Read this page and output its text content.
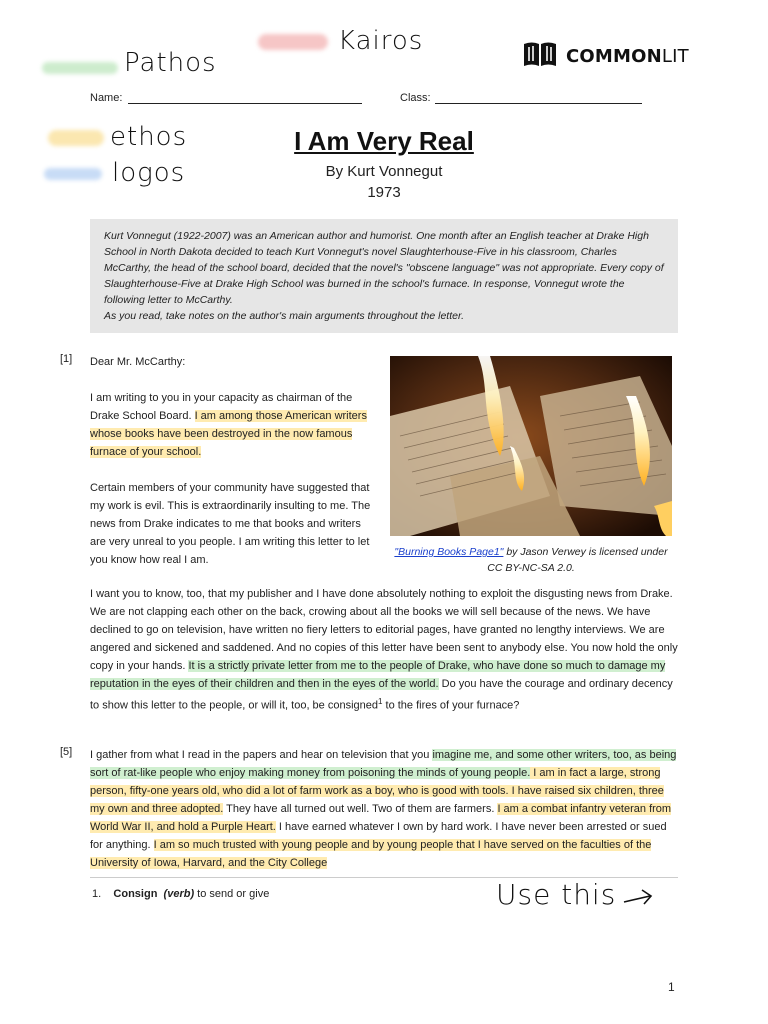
Pathos
Kairos
ethos
logos
COMMONLIT
Name:	Class:
I Am Very Real
By Kurt Vonnegut
1973

Kurt Vonnegut (1922-2007) was an American author and humorist. One month after an English teacher at Drake High School in North Dakota decided to teach Kurt Vonnegut's novel Slaughterhouse-Five in his classroom, Charles McCarthy, the head of the school board, decided that the novel's "obscene language" was not appropriate. Every copy of Slaughterhouse-Five at Drake High School was burned in the school's furnace. In response, Vonnegut wrote the following letter to McCarthy.

As you read, take notes on the author's main arguments throughout the letter.

[1] Dear Mr. McCarthy:

I am writing to you in your capacity as chairman of the Drake School Board. I am among those American writers whose books have been destroyed in the now famous furnace of your school.

Certain members of your community have suggested that my work is evil. This is extraordinarily insulting to me. The news from Drake indicates to me that books and writers are very unreal to you people. I am writing this letter to let you know how real I am.

"Burning Books Page1" by Jason Verwey is licensed under CC BY-NC-SA 2.0.

I want you to know, too, that my publisher and I have done absolutely nothing to exploit the disgusting news from Drake. We are not clapping each other on the back, crowing about all the books we will sell because of the news. We have declined to go on television, have written no fiery letters to editorial pages, have granted no lengthy interviews. We are angered and sickened and saddened. And no copies of this letter have been sent to anybody else. You now hold the only copy in your hands. It is a strictly private letter from me to the people of Drake, who have done so much to damage my reputation in the eyes of their children and then in the eyes of the world. Do you have the courage and ordinary decency to show this letter to the people, or will it, too, be consigned$^1$ to the fires of your furnace?

[5] I gather from what I read in the papers and hear on television that you imagine me, and some other writers, too, as being sort of rat-like people who enjoy making money from poisoning the minds of young people. I am in fact a large, strong person, fifty-one years old, who did a lot of farm work as a boy, who is good with tools. I have raised six children, three my own and three adopted. They have all turned out well. Two of them are farmers. I am a combat infantry veteran from World War II, and hold a Purple Heart. I have earned whatever I own by hard work. I have never been arrested or sued for anything. I am so much trusted with young people and by young people that I have served on the faculties of the University of Iowa, Harvard, and the City College

1. Consign (verb) to send or give	Use this
1
